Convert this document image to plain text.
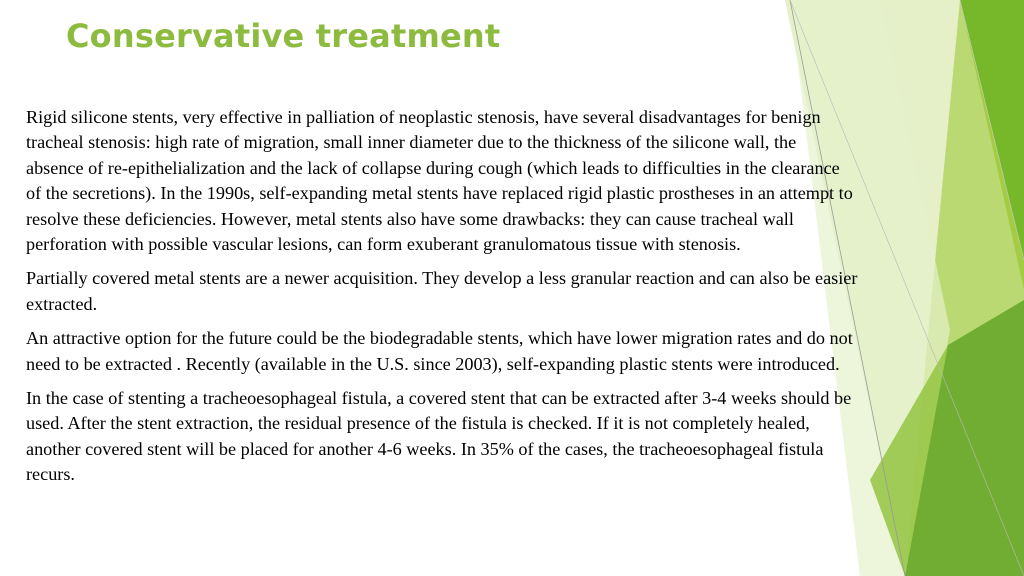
Conservative treatment

Rigid silicone stents, very effective in palliation of neoplastic stenosis, have several disadvantages for benign tracheal stenosis: high rate of migration, small inner diameter due to the thickness of the silicone wall, the absence of re-epithelialization and the lack of collapse during cough (which leads to difficulties in the clearance of the secretions). In the 1990s, self-expanding metal stents have replaced rigid plastic prostheses in an attempt to resolve these deficiencies. However, metal stents also have some drawbacks: they can cause tracheal wall perforation with possible vascular lesions, can form exuberant granulomatous tissue with stenosis.

Partially covered metal stents are a newer acquisition. They develop a less granular reaction and can also be easier extracted.

An attractive option for the future could be the biodegradable stents, which have lower migration rates and do not need to be extracted . Recently (available in the U.S. since 2003), self-expanding plastic stents were introduced.

In the case of stenting a tracheoesophageal fistula, a covered stent that can be extracted after 3-4 weeks should be used. After the stent extraction, the residual presence of the fistula is checked. If it is not completely healed, another covered stent will be placed for another 4-6 weeks. In 35% of the cases, the tracheoesophageal fistula recurs.
